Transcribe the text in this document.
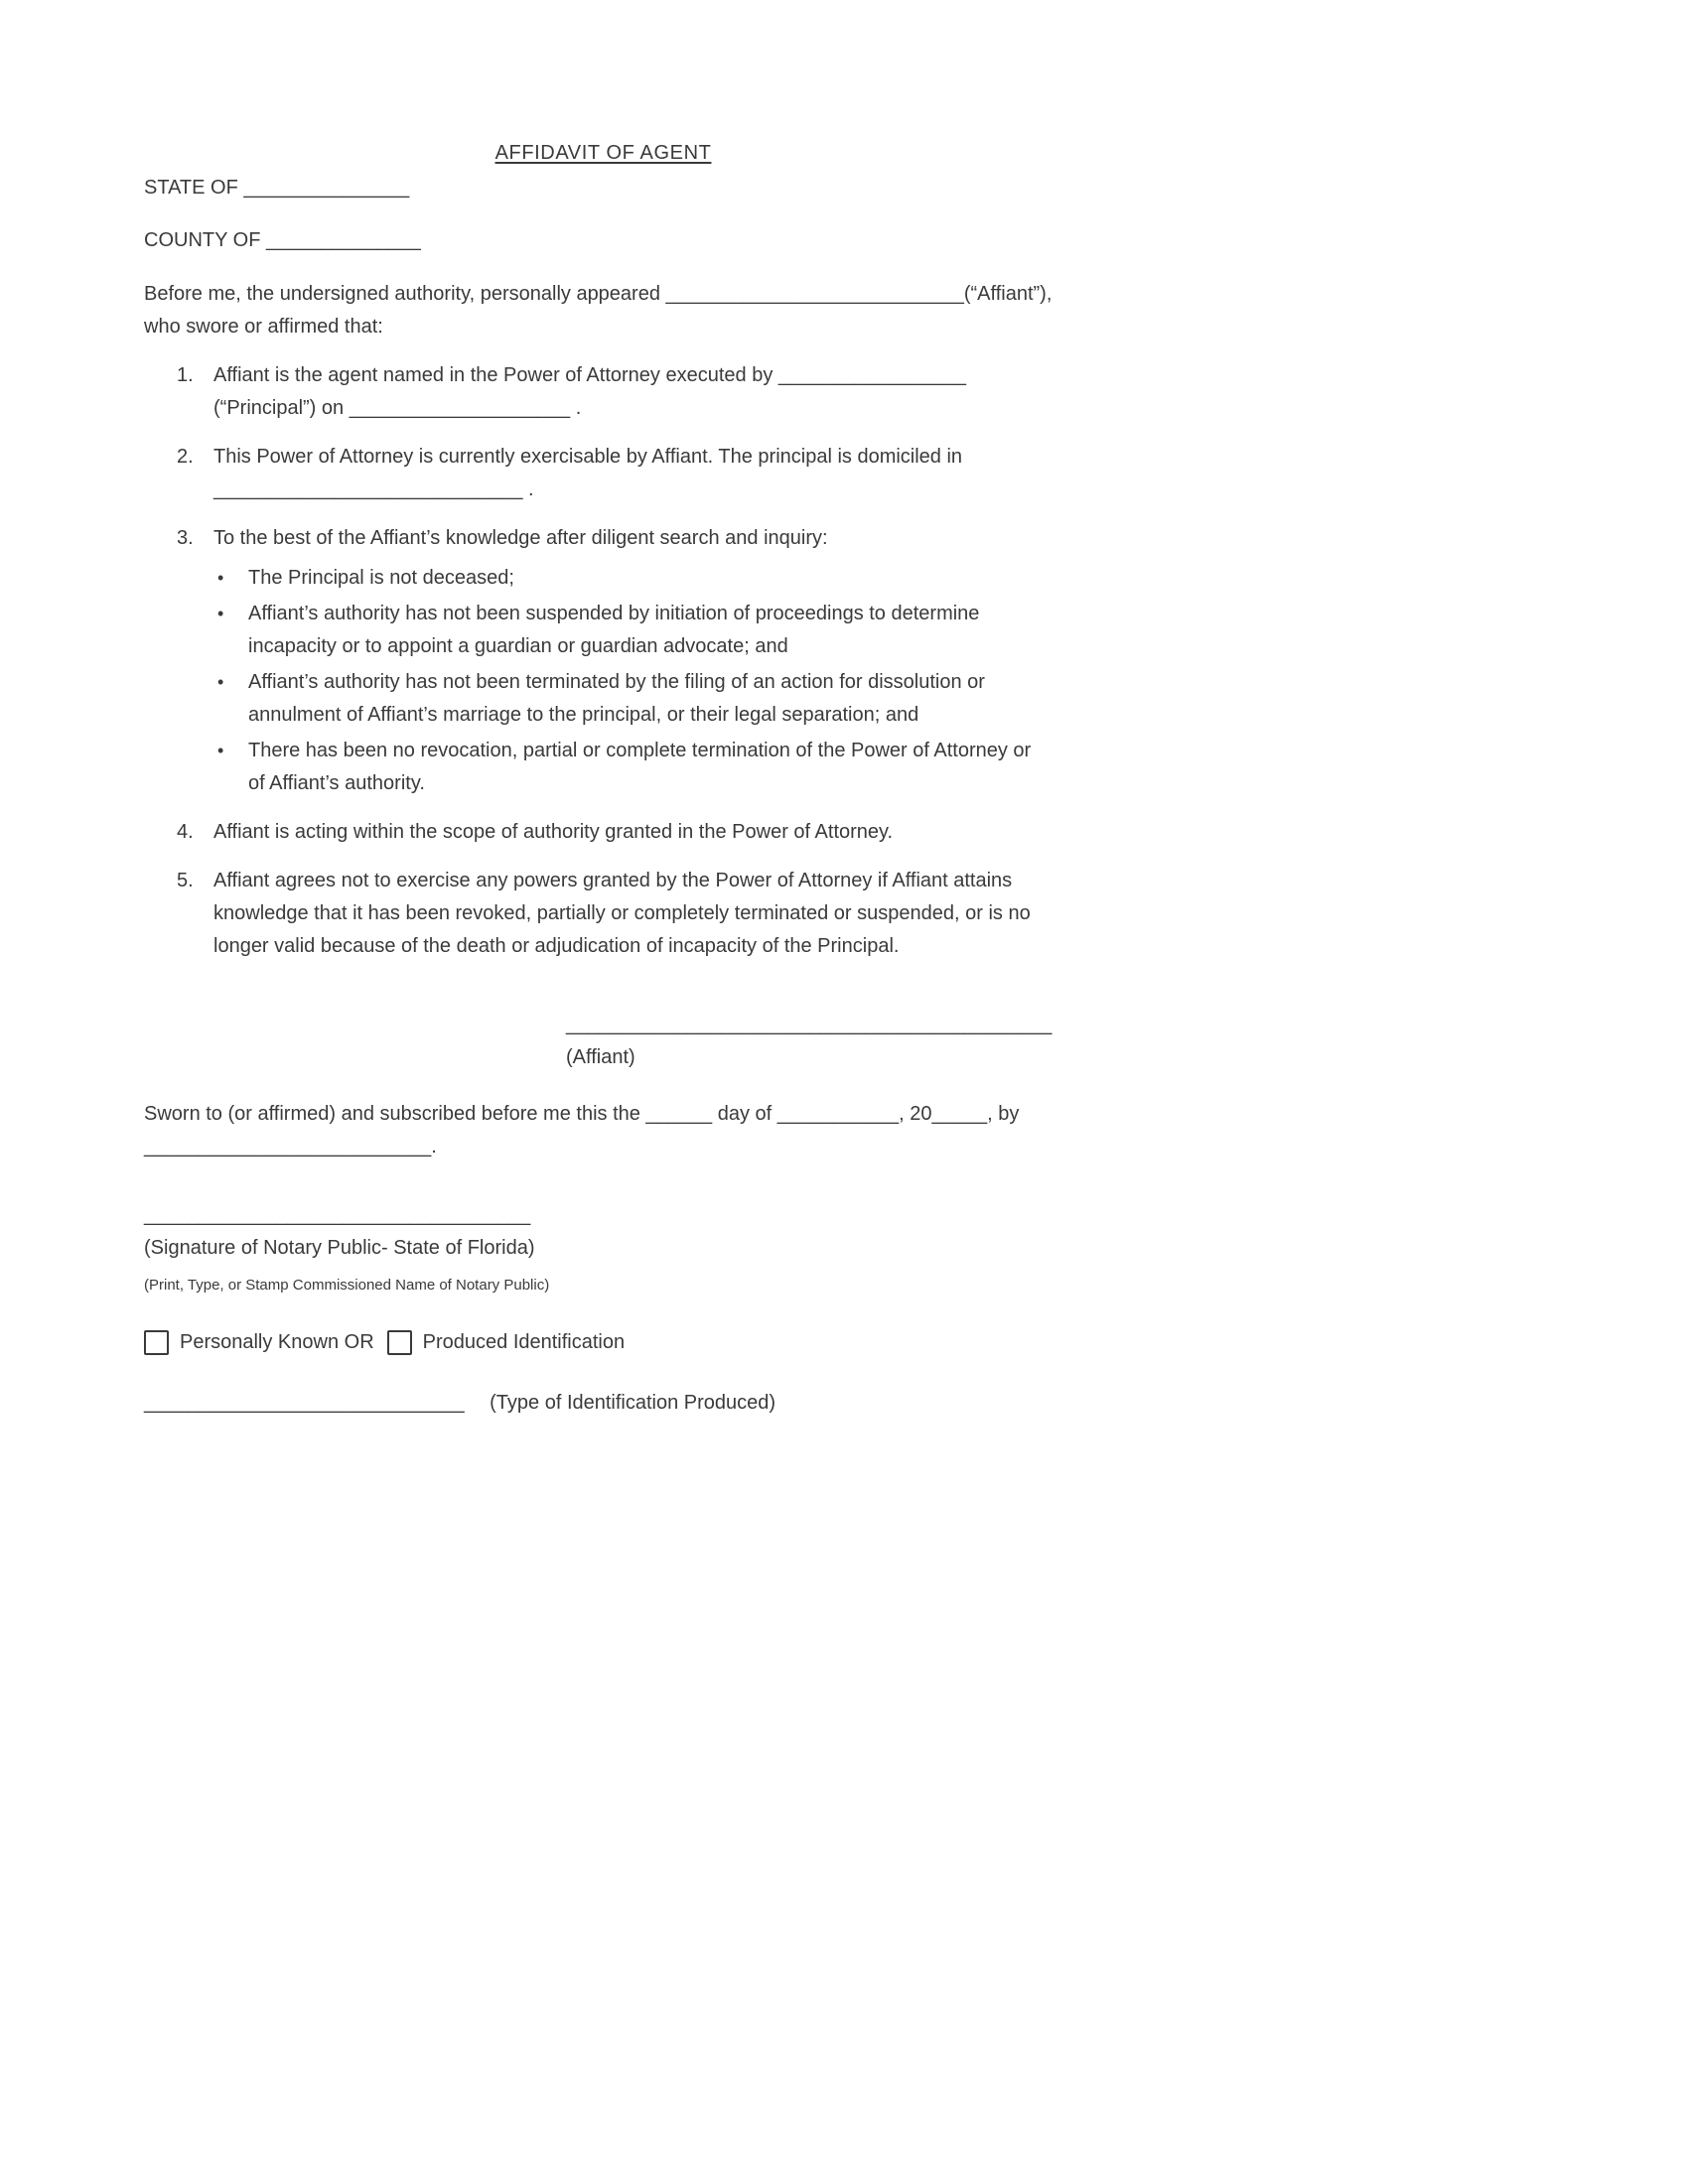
AFFIDAVIT OF AGENT
STATE OF _______________
COUNTY OF ______________
Before me, the undersigned authority, personally appeared ___________________________(“Affiant”),
who swore or affirmed that:
1.	Affiant is the agent named in the Power of Attorney executed by _________________
(“Principal”) on ____________________ .
2.	This Power of Attorney is currently exercisable by Affiant. The principal is domiciled in
____________________________ .
3.	To the best of the Affiant’s knowledge after diligent search and inquiry:
•	The Principal is not deceased;
•	Affiant’s authority has not been suspended by initiation of proceedings to determine
incapacity or to appoint a guardian or guardian advocate; and
•	Affiant’s authority has not been terminated by the filing of an action for dissolution or
annulment of Affiant’s marriage to the principal, or their legal separation; and
•	There has been no revocation, partial or complete termination of the Power of Attorney or
of Affiant’s authority.
4.	Affiant is acting within the scope of authority granted in the Power of Attorney.
5.	Affiant agrees not to exercise any powers granted by the Power of Attorney if Affiant attains
knowledge that it has been revoked, partially or completely terminated or suspended, or is no
longer valid because of the death or adjudication of incapacity of the Principal.
____________________________________________
(Affiant)
Sworn to (or affirmed) and subscribed before me this the ______ day of ___________, 20_____, by
__________________________.
___________________________________
(Signature of Notary Public- State of Florida)
(Print, Type, or Stamp Commissioned Name of Notary Public)
Personally Known OR Produced Identification
_____________________________ (Type of Identification Produced)
